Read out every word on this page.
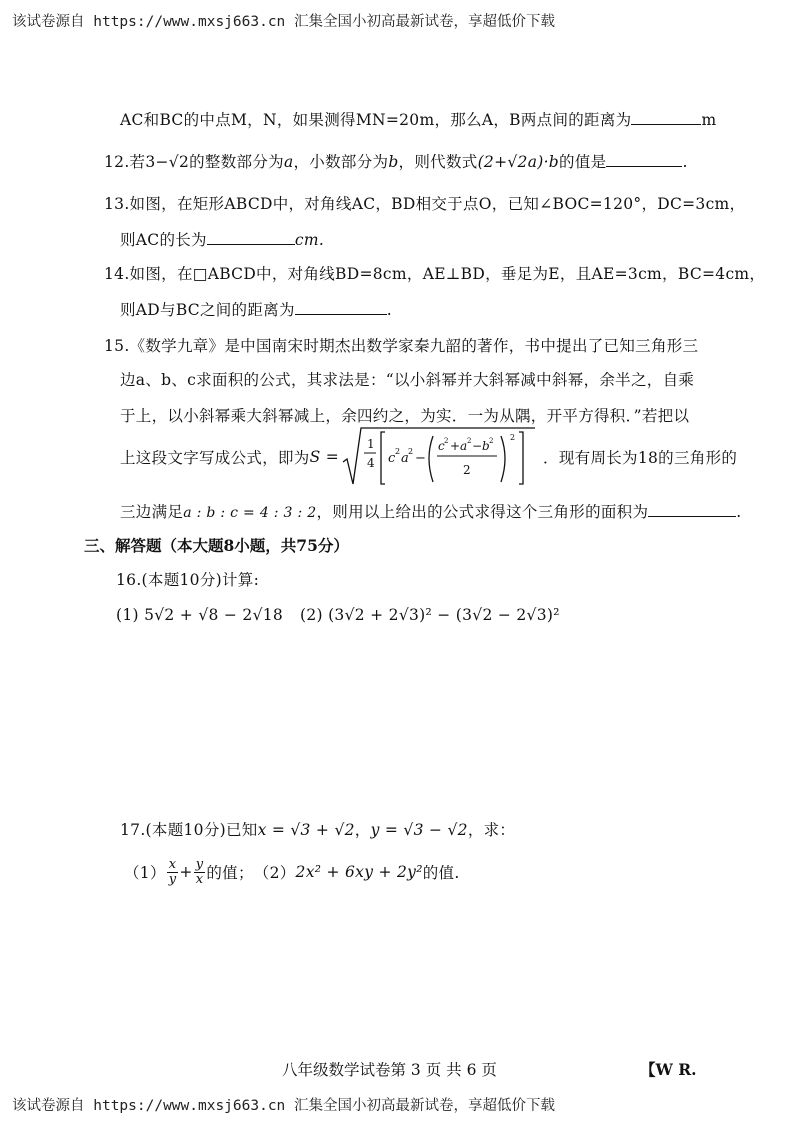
该试卷源自 https://www.mxsj663.cn 汇集全国小初高最新试卷，享超低价下载
AC和BC的中点M，N，如果测得MN=20m，那么A，B两点间的距离为	m
12.若3−√2的整数部分为a，小数部分为b，则代数式(2+√2a)·b的值是	.
13.如图，在矩形ABCD中，对角线AC，BD相交于点O，已知∠BOC=120°，DC=3cm，
则AC的长为	cm.
14.如图，在□ABCD中，对角线BD=8cm，AE⊥BD，垂足为E，且AE=3cm，BC=4cm，
则AD与BC之间的距离为	.
15.《数学九章》是中国南宋时期杰出数学家秦九韶的著作，书中提出了已知三角形三
边a、b、c求面积的公式，其求法是：“以小斜幂并大斜幂减中斜幂，余半之，自乘
于上，以小斜幂乘大斜幂减上，余四约之，为实．一为从隅，开平方得积．”若把以
上这段文字写成公式，即为 S =
1
4 c 2 a
2 −
c
2 + a 2 − b 2
2
2
．现有周长为18的三角形的
三边满足a : b : c = 4 : 3 : 2，则用以上给出的公式求得这个三角形的面积为	.
三、解答题（本大题8小题，共75分）
16.(本题10分)计算:
(1) 5√2 + √8 − 2√18 (2) (3√2 + 2√3)² − (3√2 − 2√3)²
17.(本题10分)已知x = √3 + √2，y = √3 − √2，求：
$(1) \frac{x}{y} + \frac{y}{x}$ 的值； （2） 2x² + 6xy + 2y² 的值.
八年级数学试卷第 3 页 共 6 页	【W R.
该试卷源自 https://www.mxsj663.cn 汇集全国小初高最新试卷，享超低价下载
